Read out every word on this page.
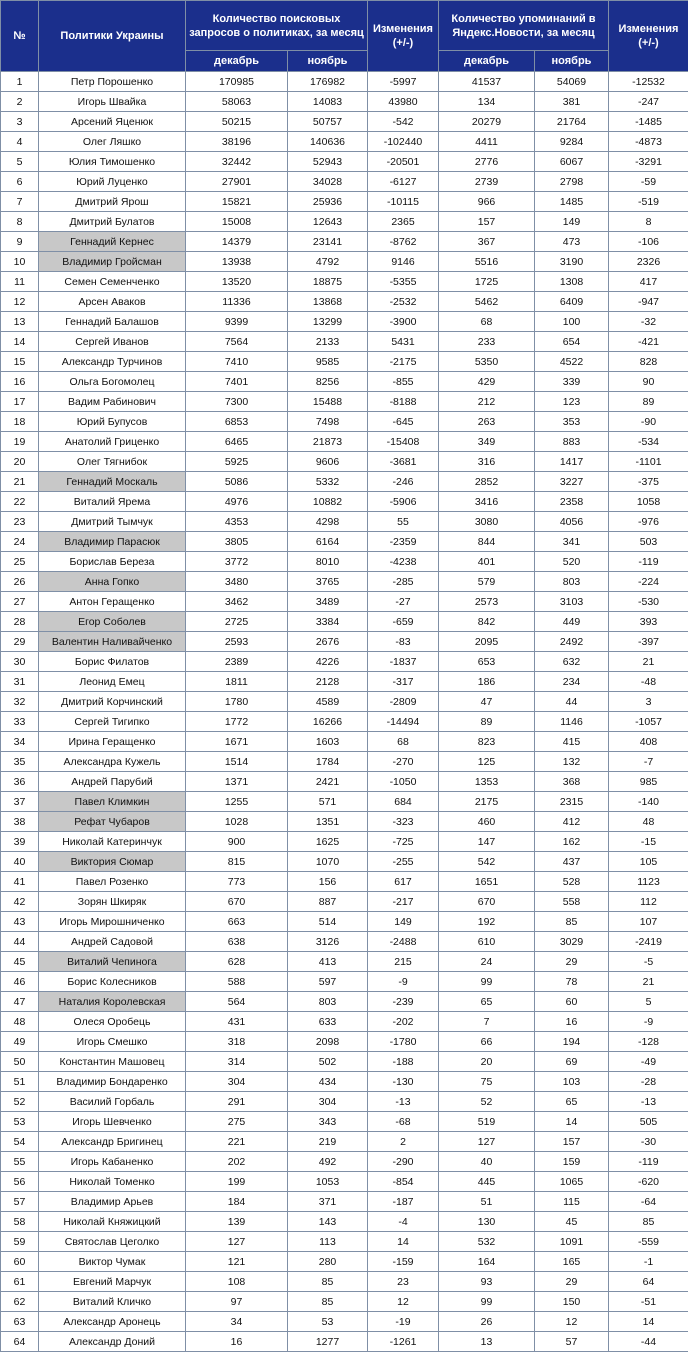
№	Политики Украины	Количество поисковых запросов о политиках, за месяц		Изменения (+/-)	Количество упоминаний в Яндекс.Новости, за месяц		Изменения (+/-)
		декабрь	ноябрь		декабрь	ноябрь	
1	Петр Порошенко	170985	176982	-5997	41537	54069	-12532
2	Игорь Швайка	58063	14083	43980	134	381	-247
3	Арсений Яценюк	50215	50757	-542	20279	21764	-1485
4	Олег Ляшко	38196	140636	-102440	4411	9284	-4873
5	Юлия Тимошенко	32442	52943	-20501	2776	6067	-3291
6	Юрий Луценко	27901	34028	-6127	2739	2798	-59
7	Дмитрий Ярош	15821	25936	-10115	966	1485	-519
8	Дмитрий Булатов	15008	12643	2365	157	149	8
9	Геннадий Кернес	14379	23141	-8762	367	473	-106
10	Владимир Гройсман	13938	4792	9146	5516	3190	2326
11	Семен Семенченко	13520	18875	-5355	1725	1308	417
12	Арсен Аваков	11336	13868	-2532	5462	6409	-947
13	Геннадий Балашов	9399	13299	-3900	68	100	-32
14	Сергей Иванов	7564	2133	5431	233	654	-421
15	Александр Турчинов	7410	9585	-2175	5350	4522	828
16	Ольга Богомолец	7401	8256	-855	429	339	90
17	Вадим Рабинович	7300	15488	-8188	212	123	89
18	Юрий Бупусов	6853	7498	-645	263	353	-90
19	Анатолий Гриценко	6465	21873	-15408	349	883	-534
20	Олег Тягнибок	5925	9606	-3681	316	1417	-1101
21	Геннадий Москаль	5086	5332	-246	2852	3227	-375
22	Виталий Ярема	4976	10882	-5906	3416	2358	1058
23	Дмитрий Тымчук	4353	4298	55	3080	4056	-976
24	Владимир Парасюк	3805	6164	-2359	844	341	503
25	Борислав Береза	3772	8010	-4238	401	520	-119
26	Анна Гопко	3480	3765	-285	579	803	-224
27	Антон Геращенко	3462	3489	-27	2573	3103	-530
28	Егор Соболев	2725	3384	-659	842	449	393
29	Валентин Наливайченко	2593	2676	-83	2095	2492	-397
30	Борис Филатов	2389	4226	-1837	653	632	21
31	Леонид Емец	1811	2128	-317	186	234	-48
32	Дмитрий Корчинский	1780	4589	-2809	47	44	3
33	Сергей Тигипко	1772	16266	-14494	89	1146	-1057
34	Ирина Геращенко	1671	1603	68	823	415	408
35	Александра Кужель	1514	1784	-270	125	132	-7
36	Андрей Парубий	1371	2421	-1050	1353	368	985
37	Павел Климкин	1255	571	684	2175	2315	-140
38	Рефат Чубаров	1028	1351	-323	460	412	48
39	Николай Катеринчук	900	1625	-725	147	162	-15
40	Виктория Сюмар	815	1070	-255	542	437	105
41	Павел Розенко	773	156	617	1651	528	1123
42	Зорян Шкиряк	670	887	-217	670	558	112
43	Игорь Мирошниченко	663	514	149	192	85	107
44	Андрей Садовой	638	3126	-2488	610	3029	-2419
45	Виталий Чепинога	628	413	215	24	29	-5
46	Борис Колесников	588	597	-9	99	78	21
47	Наталия Королевская	564	803	-239	65	60	5
48	Олеся Оробець	431	633	-202	7	16	-9
49	Игорь Смешко	318	2098	-1780	66	194	-128
50	Константин Машовец	314	502	-188	20	69	-49
51	Владимир Бондаренко	304	434	-130	75	103	-28
52	Василий Горбаль	291	304	-13	52	65	-13
53	Игорь Шевченко	275	343	-68	519	14	505
54	Александр Бригинец	221	219	2	127	157	-30
55	Игорь Кабаненко	202	492	-290	40	159	-119
56	Николай Томенко	199	1053	-854	445	1065	-620
57	Владимир Арьев	184	371	-187	51	115	-64
58	Николай Княжицкий	139	143	-4	130	45	85
59	Святослав Цеголко	127	113	14	532	1091	-559
60	Виктор Чумак	121	280	-159	164	165	-1
61	Евгений Марчук	108	85	23	93	29	64
62	Виталий Кличко	97	85	12	99	150	-51
63	Александр Аронець	34	53	-19	26	12	14
64	Александр Доний	16	1277	-1261	13	57	-44
